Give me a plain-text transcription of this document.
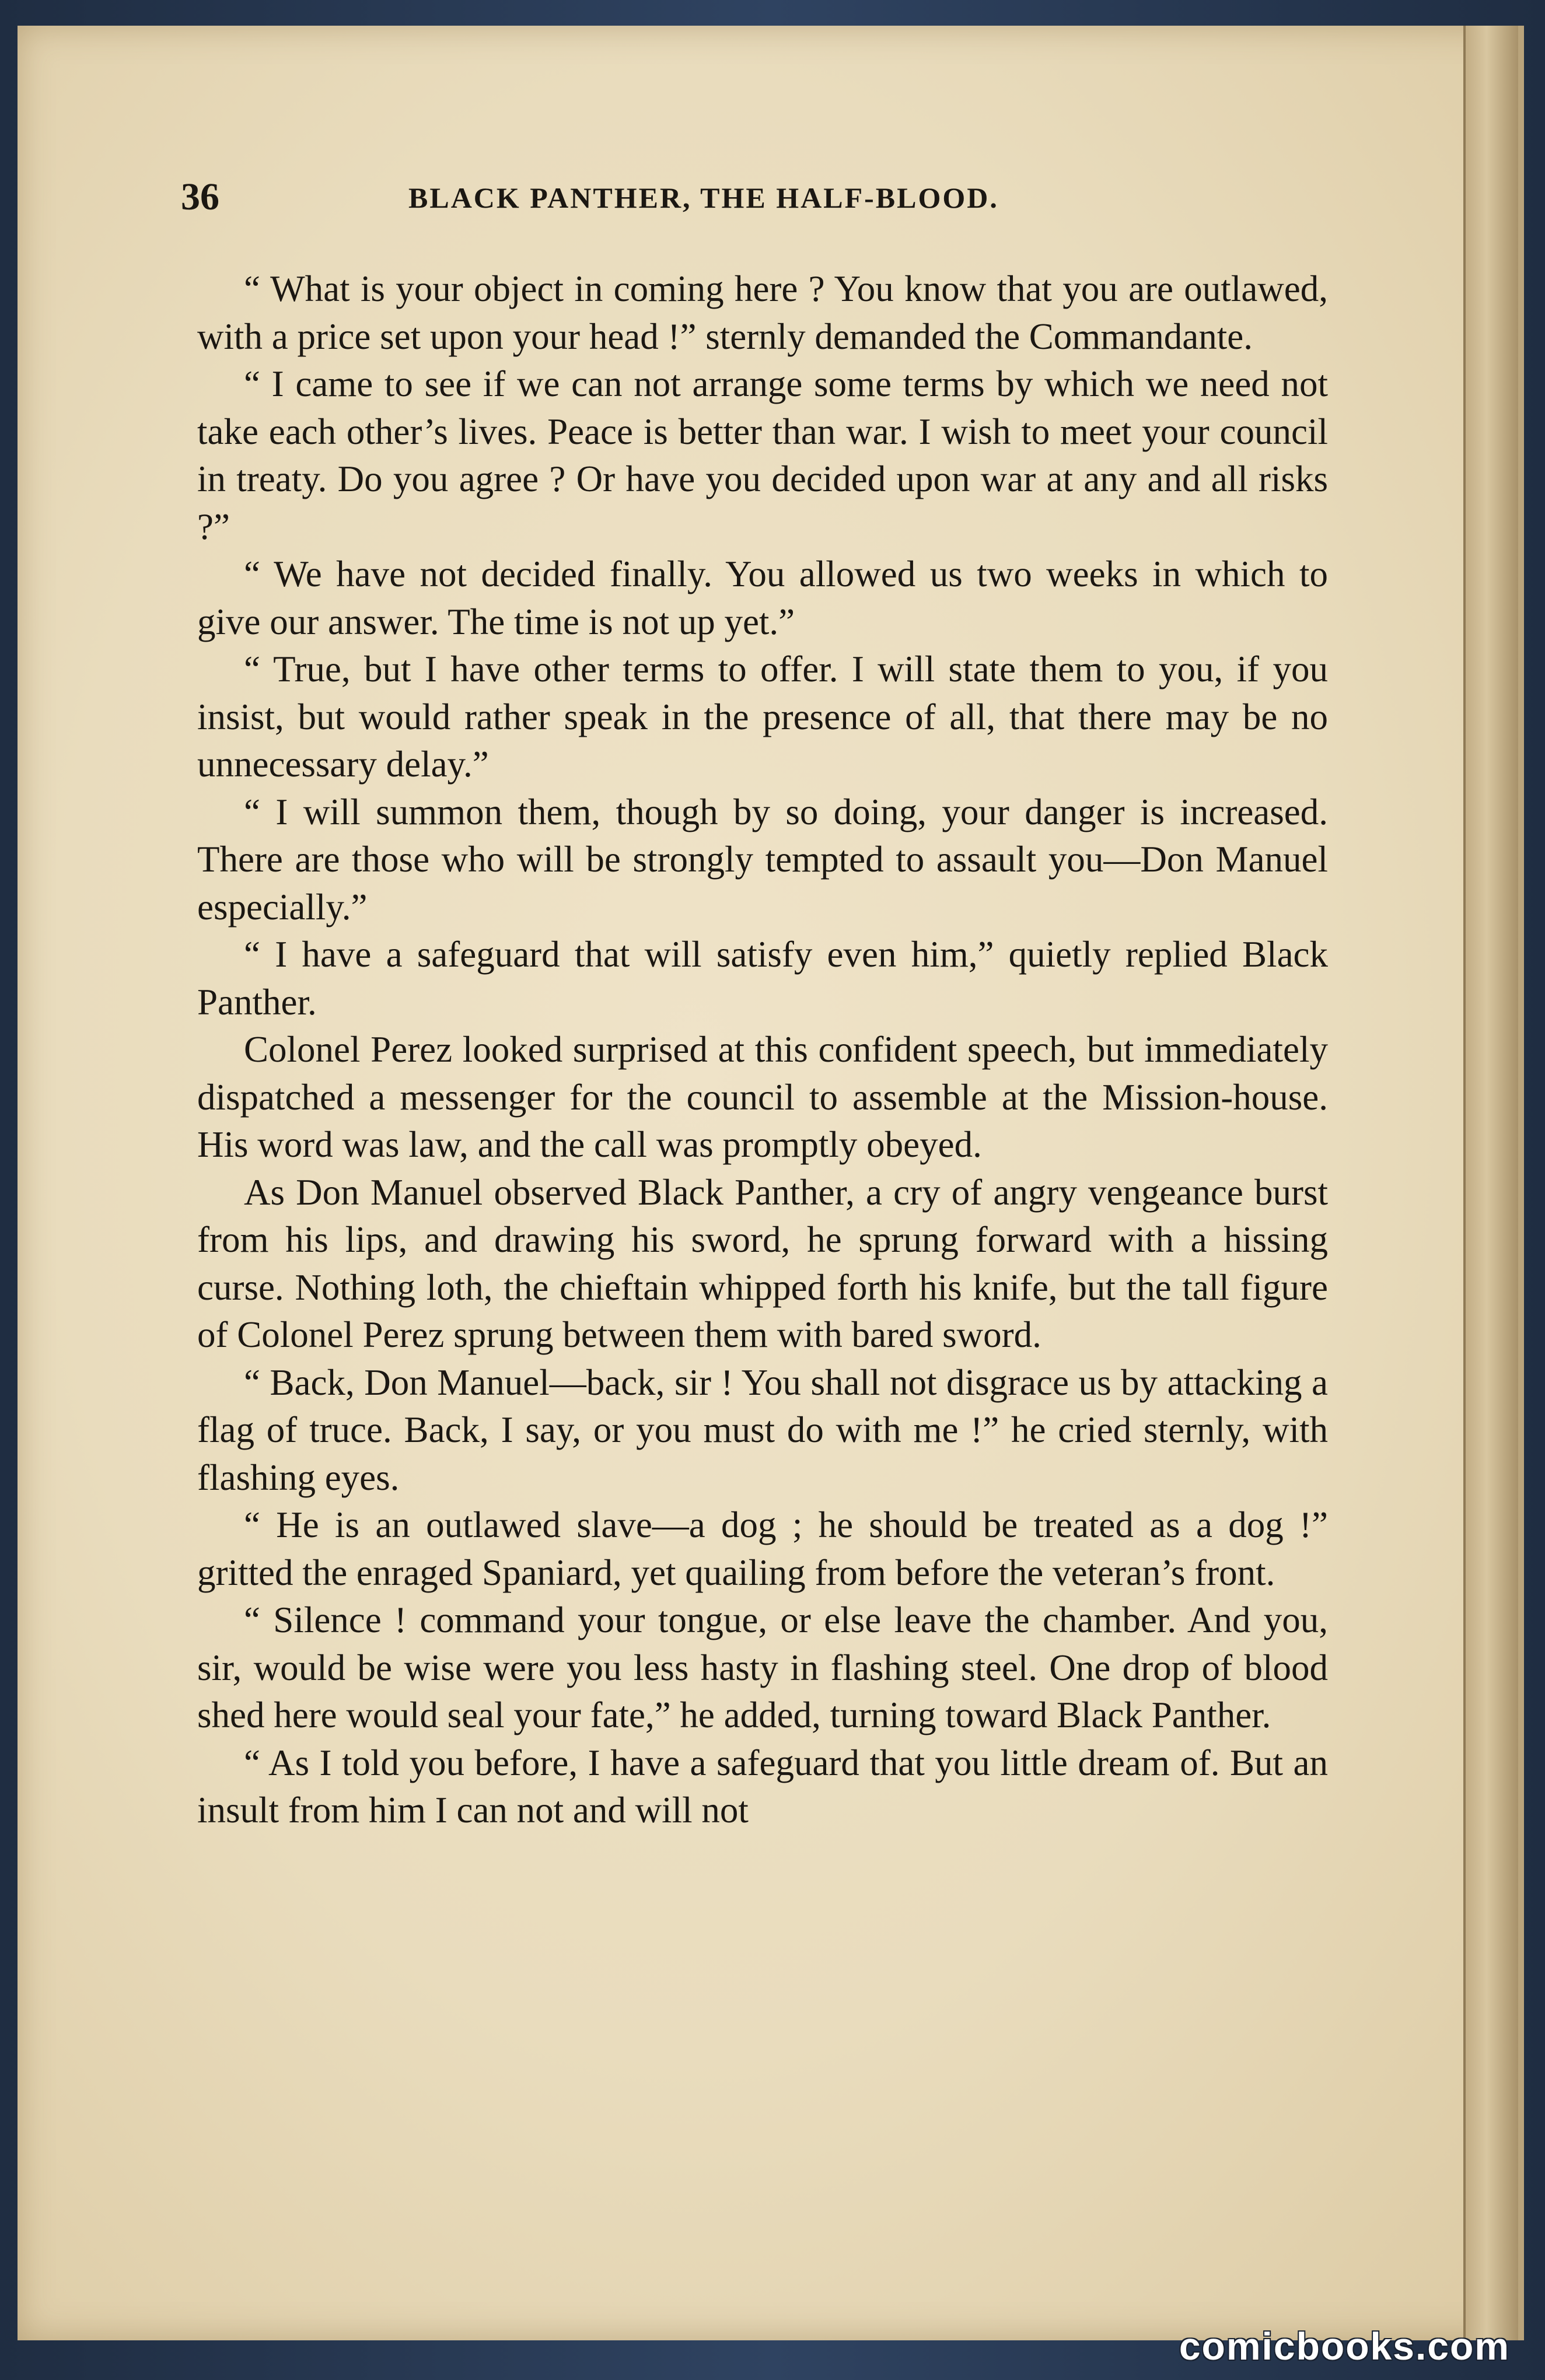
36	BLACK PANTHER, THE HALF-BLOOD.

“ What is your object in coming here ? You know that you are outlawed, with a price set upon your head !” sternly demanded the Commandante.

“ I came to see if we can not arrange some terms by which we need not take each other’s lives. Peace is better than war. I wish to meet your council in treaty. Do you agree ? Or have you decided upon war at any and all risks ?”

“ We have not decided finally. You allowed us two weeks in which to give our answer. The time is not up yet.”

“ True, but I have other terms to offer. I will state them to you, if you insist, but would rather speak in the presence of all, that there may be no unnecessary delay.”

“ I will summon them, though by so doing, your danger is increased. There are those who will be strongly tempted to assault you—Don Manuel especially.”

“ I have a safeguard that will satisfy even him,” quietly replied Black Panther.

Colonel Perez looked surprised at this confident speech, but immediately dispatched a messenger for the council to assemble at the Mission-house. His word was law, and the call was promptly obeyed.

As Don Manuel observed Black Panther, a cry of angry vengeance burst from his lips, and drawing his sword, he sprung forward with a hissing curse. Nothing loth, the chieftain whipped forth his knife, but the tall figure of Colonel Perez sprung between them with bared sword.

“ Back, Don Manuel—back, sir ! You shall not disgrace us by attacking a flag of truce. Back, I say, or you must do with me !” he cried sternly, with flashing eyes.

“ He is an outlawed slave—a dog ; he should be treated as a dog !” gritted the enraged Spaniard, yet quailing from before the veteran’s front.

“ Silence ! command your tongue, or else leave the chamber. And you, sir, would be wise were you less hasty in flashing steel. One drop of blood shed here would seal your fate,” he added, turning toward Black Panther.

“ As I told you before, I have a safeguard that you little dream of. But an insult from him I can not and will not

comicbooks.com
